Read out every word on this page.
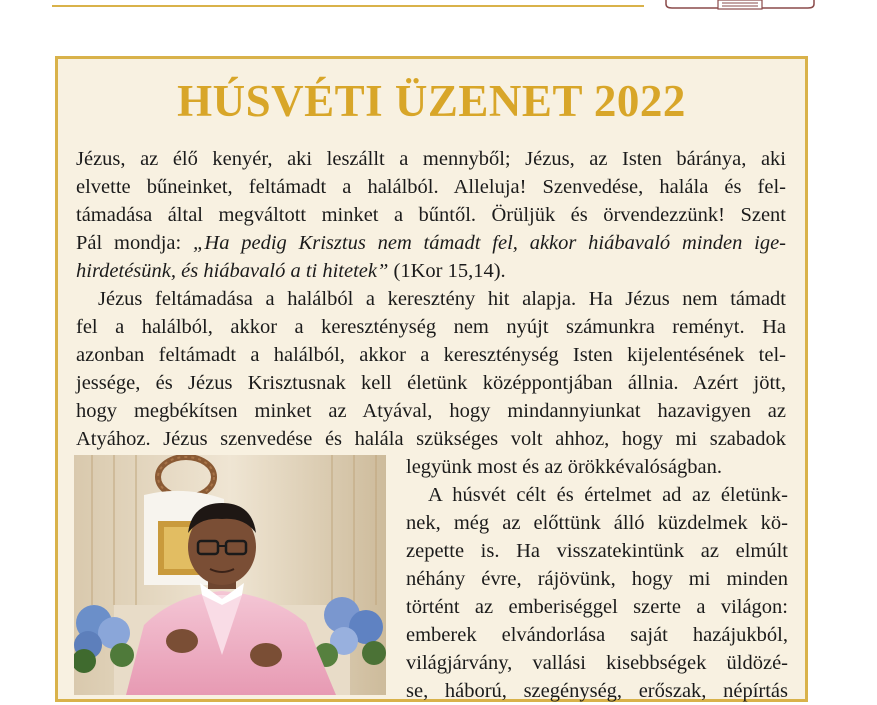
HÚSVÉTI ÜZENET 2022
Jézus, az élő kenyér, aki leszállt a mennyből; Jézus, az Isten báránya, aki
elvette bűneinket, feltámadt a halálból. Alleluja! Szenvedése, halála és fel-
támadása által megváltott minket a bűntől. Örüljük és örvendezzünk! Szent
Pál mondja: „Ha pedig Krisztus nem támadt fel, akkor hiábavaló minden ige-
hirdetésünk, és hiábavaló a ti hitetek” (1Kor 15,14).
Jézus feltámadása a halálból a keresztény hit alapja. Ha Jézus nem támadt
fel a halálból, akkor a kereszténység nem nyújt számunkra reményt. Ha
azonban feltámadt a halálból, akkor a kereszténység Isten kijelentésének tel-
jessége, és Jézus Krisztusnak kell életünk középpontjában állnia. Azért jött,
hogy megbékítsen minket az Atyával, hogy mindannyiunkat hazavigyen az
Atyához. Jézus szenvedése és halála szükséges volt ahhoz, hogy mi szabadok
legyünk most és az örökkévalóságban.
A húsvét célt és értelmet ad az életünk-
nek, még az előttünk álló küzdelmek kö-
zepette is. Ha visszatekintünk az elmúlt
néhány évre, rájövünk, hogy mi minden
történt az emberiséggel szerte a világon:
emberek elvándorlása saját hazájukból,
világjárvány, vallási kisebbségek üldözé-
se, háború, szegénység, erőszak, népírtás
